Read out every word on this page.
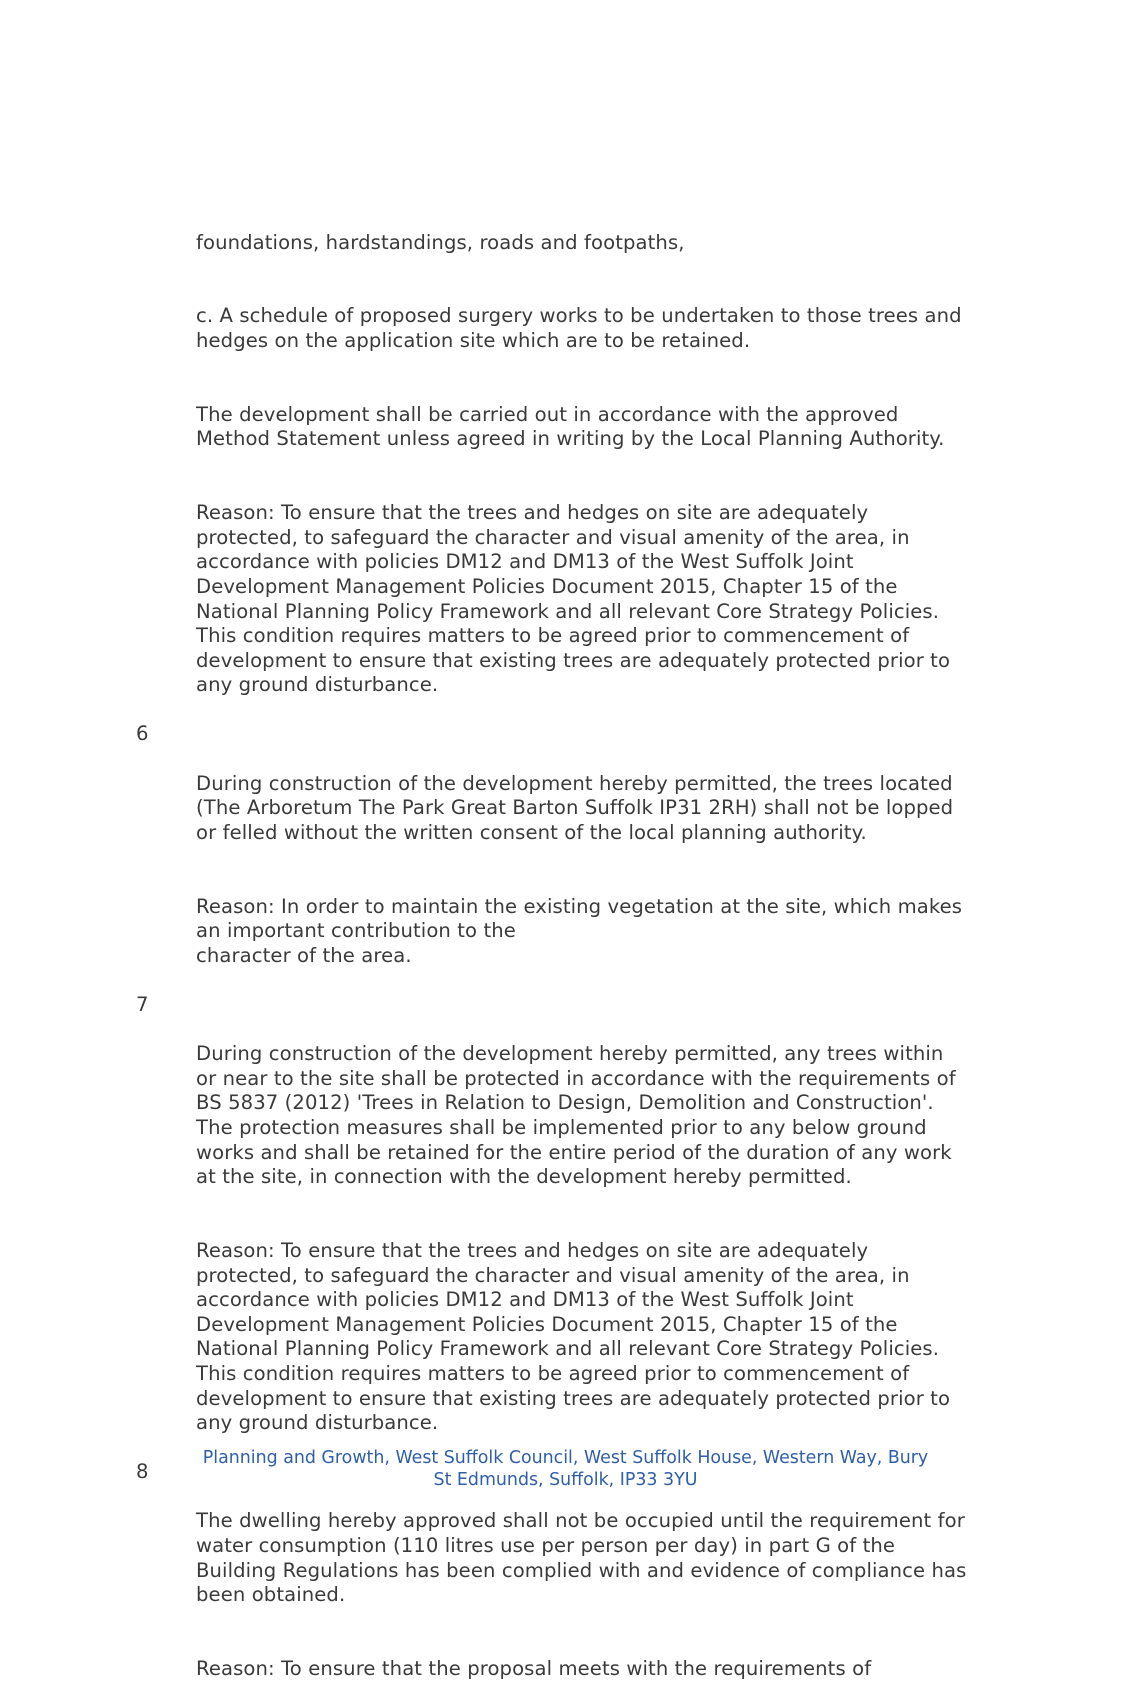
foundations, hardstandings, roads and footpaths,

c. A schedule of proposed surgery works to be undertaken to those trees and
hedges on the application site which are to be retained.

The development shall be carried out in accordance with the approved
Method Statement unless agreed in writing by the Local Planning Authority.

Reason: To ensure that the trees and hedges on site are adequately
protected, to safeguard the character and visual amenity of the area, in
accordance with policies DM12 and DM13 of the West Suffolk Joint
Development Management Policies Document 2015, Chapter 15 of the
National Planning Policy Framework and all relevant Core Strategy Policies.
This condition requires matters to be agreed prior to commencement of
development to ensure that existing trees are adequately protected prior to
any ground disturbance.

6

During construction of the development hereby permitted, the trees located
(The Arboretum The Park Great Barton Suffolk IP31 2RH) shall not be lopped
or felled without the written consent of the local planning authority.

Reason: In order to maintain the existing vegetation at the site, which makes
an important contribution to the
character of the area.

7

During construction of the development hereby permitted, any trees within
or near to the site shall be protected in accordance with the requirements of
BS 5837 (2012) 'Trees in Relation to Design, Demolition and Construction'.
The protection measures shall be implemented prior to any below ground
works and shall be retained for the entire period of the duration of any work
at the site, in connection with the development hereby permitted.

Reason: To ensure that the trees and hedges on site are adequately
protected, to safeguard the character and visual amenity of the area, in
accordance with policies DM12 and DM13 of the West Suffolk Joint
Development Management Policies Document 2015, Chapter 15 of the
National Planning Policy Framework and all relevant Core Strategy Policies.
This condition requires matters to be agreed prior to commencement of
development to ensure that existing trees are adequately protected prior to
any ground disturbance.

8

The dwelling hereby approved shall not be occupied until the requirement for
water consumption (110 litres use per person per day) in part G of the
Building Regulations has been complied with and evidence of compliance has
been obtained.

Reason: To ensure that the proposal meets with the requirements of

Planning and Growth, West Suffolk Council, West Suffolk House, Western Way, Bury
St Edmunds, Suffolk, IP33 3YU
